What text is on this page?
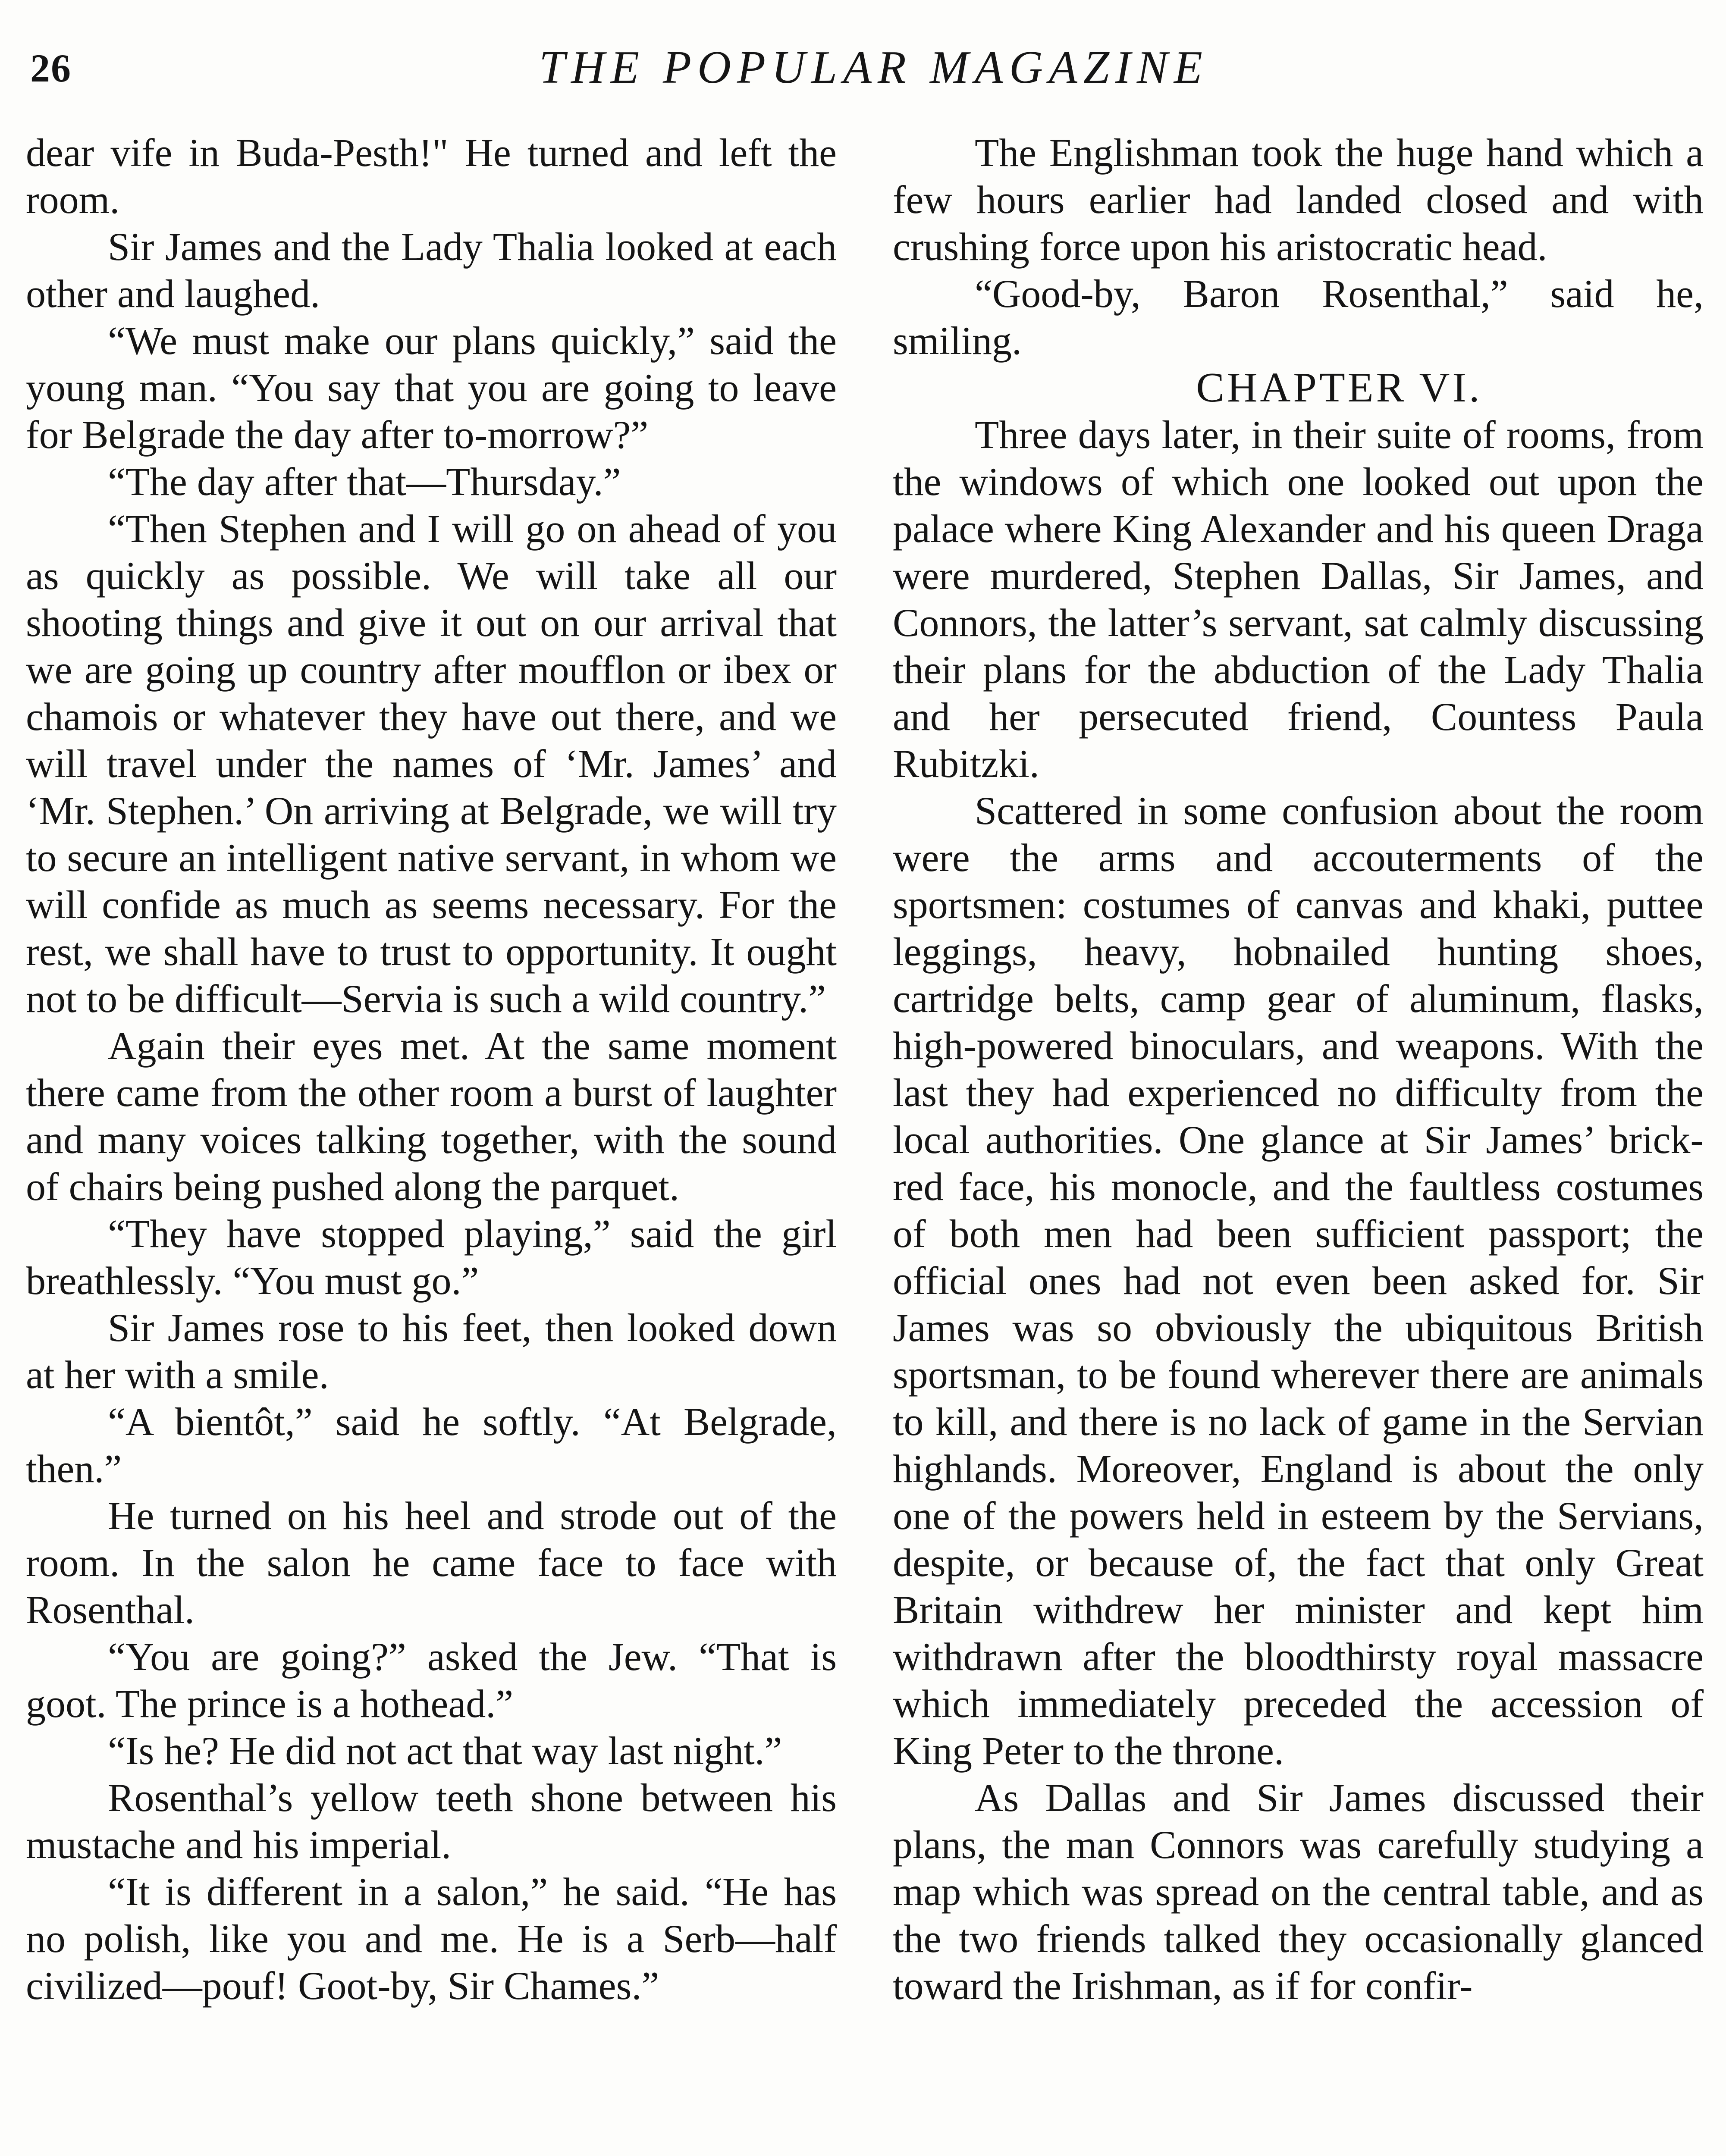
26	THE POPULAR MAGAZINE

dear vife in Buda-Pesth!" He turned and left the room.

Sir James and the Lady Thalia looked at each other and laughed.

“We must make our plans quickly,” said the young man. “You say that you are going to leave for Belgrade the day after to-morrow?”

“The day after that—Thursday.”

“Then Stephen and I will go on ahead of you as quickly as possible. We will take all our shooting things and give it out on our arrival that we are going up country after moufflon or ibex or chamois or whatever they have out there, and we will travel under the names of ‘Mr. James’ and ‘Mr. Stephen.’ On arriving at Belgrade, we will try to secure an intelligent native servant, in whom we will confide as much as seems necessary. For the rest, we shall have to trust to opportunity. It ought not to be difficult—Servia is such a wild country.”

Again their eyes met. At the same moment there came from the other room a burst of laughter and many voices talking together, with the sound of chairs being pushed along the parquet.

“They have stopped playing,” said the girl breathlessly. “You must go.”

Sir James rose to his feet, then looked down at her with a smile.

“A bientôt,” said he softly. “At Belgrade, then.”

He turned on his heel and strode out of the room. In the salon he came face to face with Rosenthal.

“You are going?” asked the Jew. “That is goot. The prince is a hothead.”

“Is he? He did not act that way last night.”

Rosenthal’s yellow teeth shone between his mustache and his imperial.

“It is different in a salon,” he said. “He has no polish, like you and me. He is a Serb—half civilized—pouf! Goot-by, Sir Chames.”

The Englishman took the huge hand which a few hours earlier had landed closed and with crushing force upon his aristocratic head.

“Good-by, Baron Rosenthal,” said he, smiling.

CHAPTER VI.

Three days later, in their suite of rooms, from the windows of which one looked out upon the palace where King Alexander and his queen Draga were murdered, Stephen Dallas, Sir James, and Connors, the latter’s servant, sat calmly discussing their plans for the abduction of the Lady Thalia and her persecuted friend, Countess Paula Rubitzki.

Scattered in some confusion about the room were the arms and accouterments of the sportsmen: costumes of canvas and khaki, puttee leggings, heavy, hobnailed hunting shoes, cartridge belts, camp gear of aluminum, flasks, high-powered binoculars, and weapons. With the last they had experienced no difficulty from the local authorities. One glance at Sir James’ brick-red face, his monocle, and the faultless costumes of both men had been sufficient passport; the official ones had not even been asked for. Sir James was so obviously the ubiquitous British sportsman, to be found wherever there are animals to kill, and there is no lack of game in the Servian highlands. Moreover, England is about the only one of the powers held in esteem by the Servians, despite, or because of, the fact that only Great Britain withdrew her minister and kept him withdrawn after the bloodthirsty royal massacre which immediately preceded the accession of King Peter to the throne.

As Dallas and Sir James discussed their plans, the man Connors was carefully studying a map which was spread on the central table, and as the two friends talked they occasionally glanced toward the Irishman, as if for confir-
